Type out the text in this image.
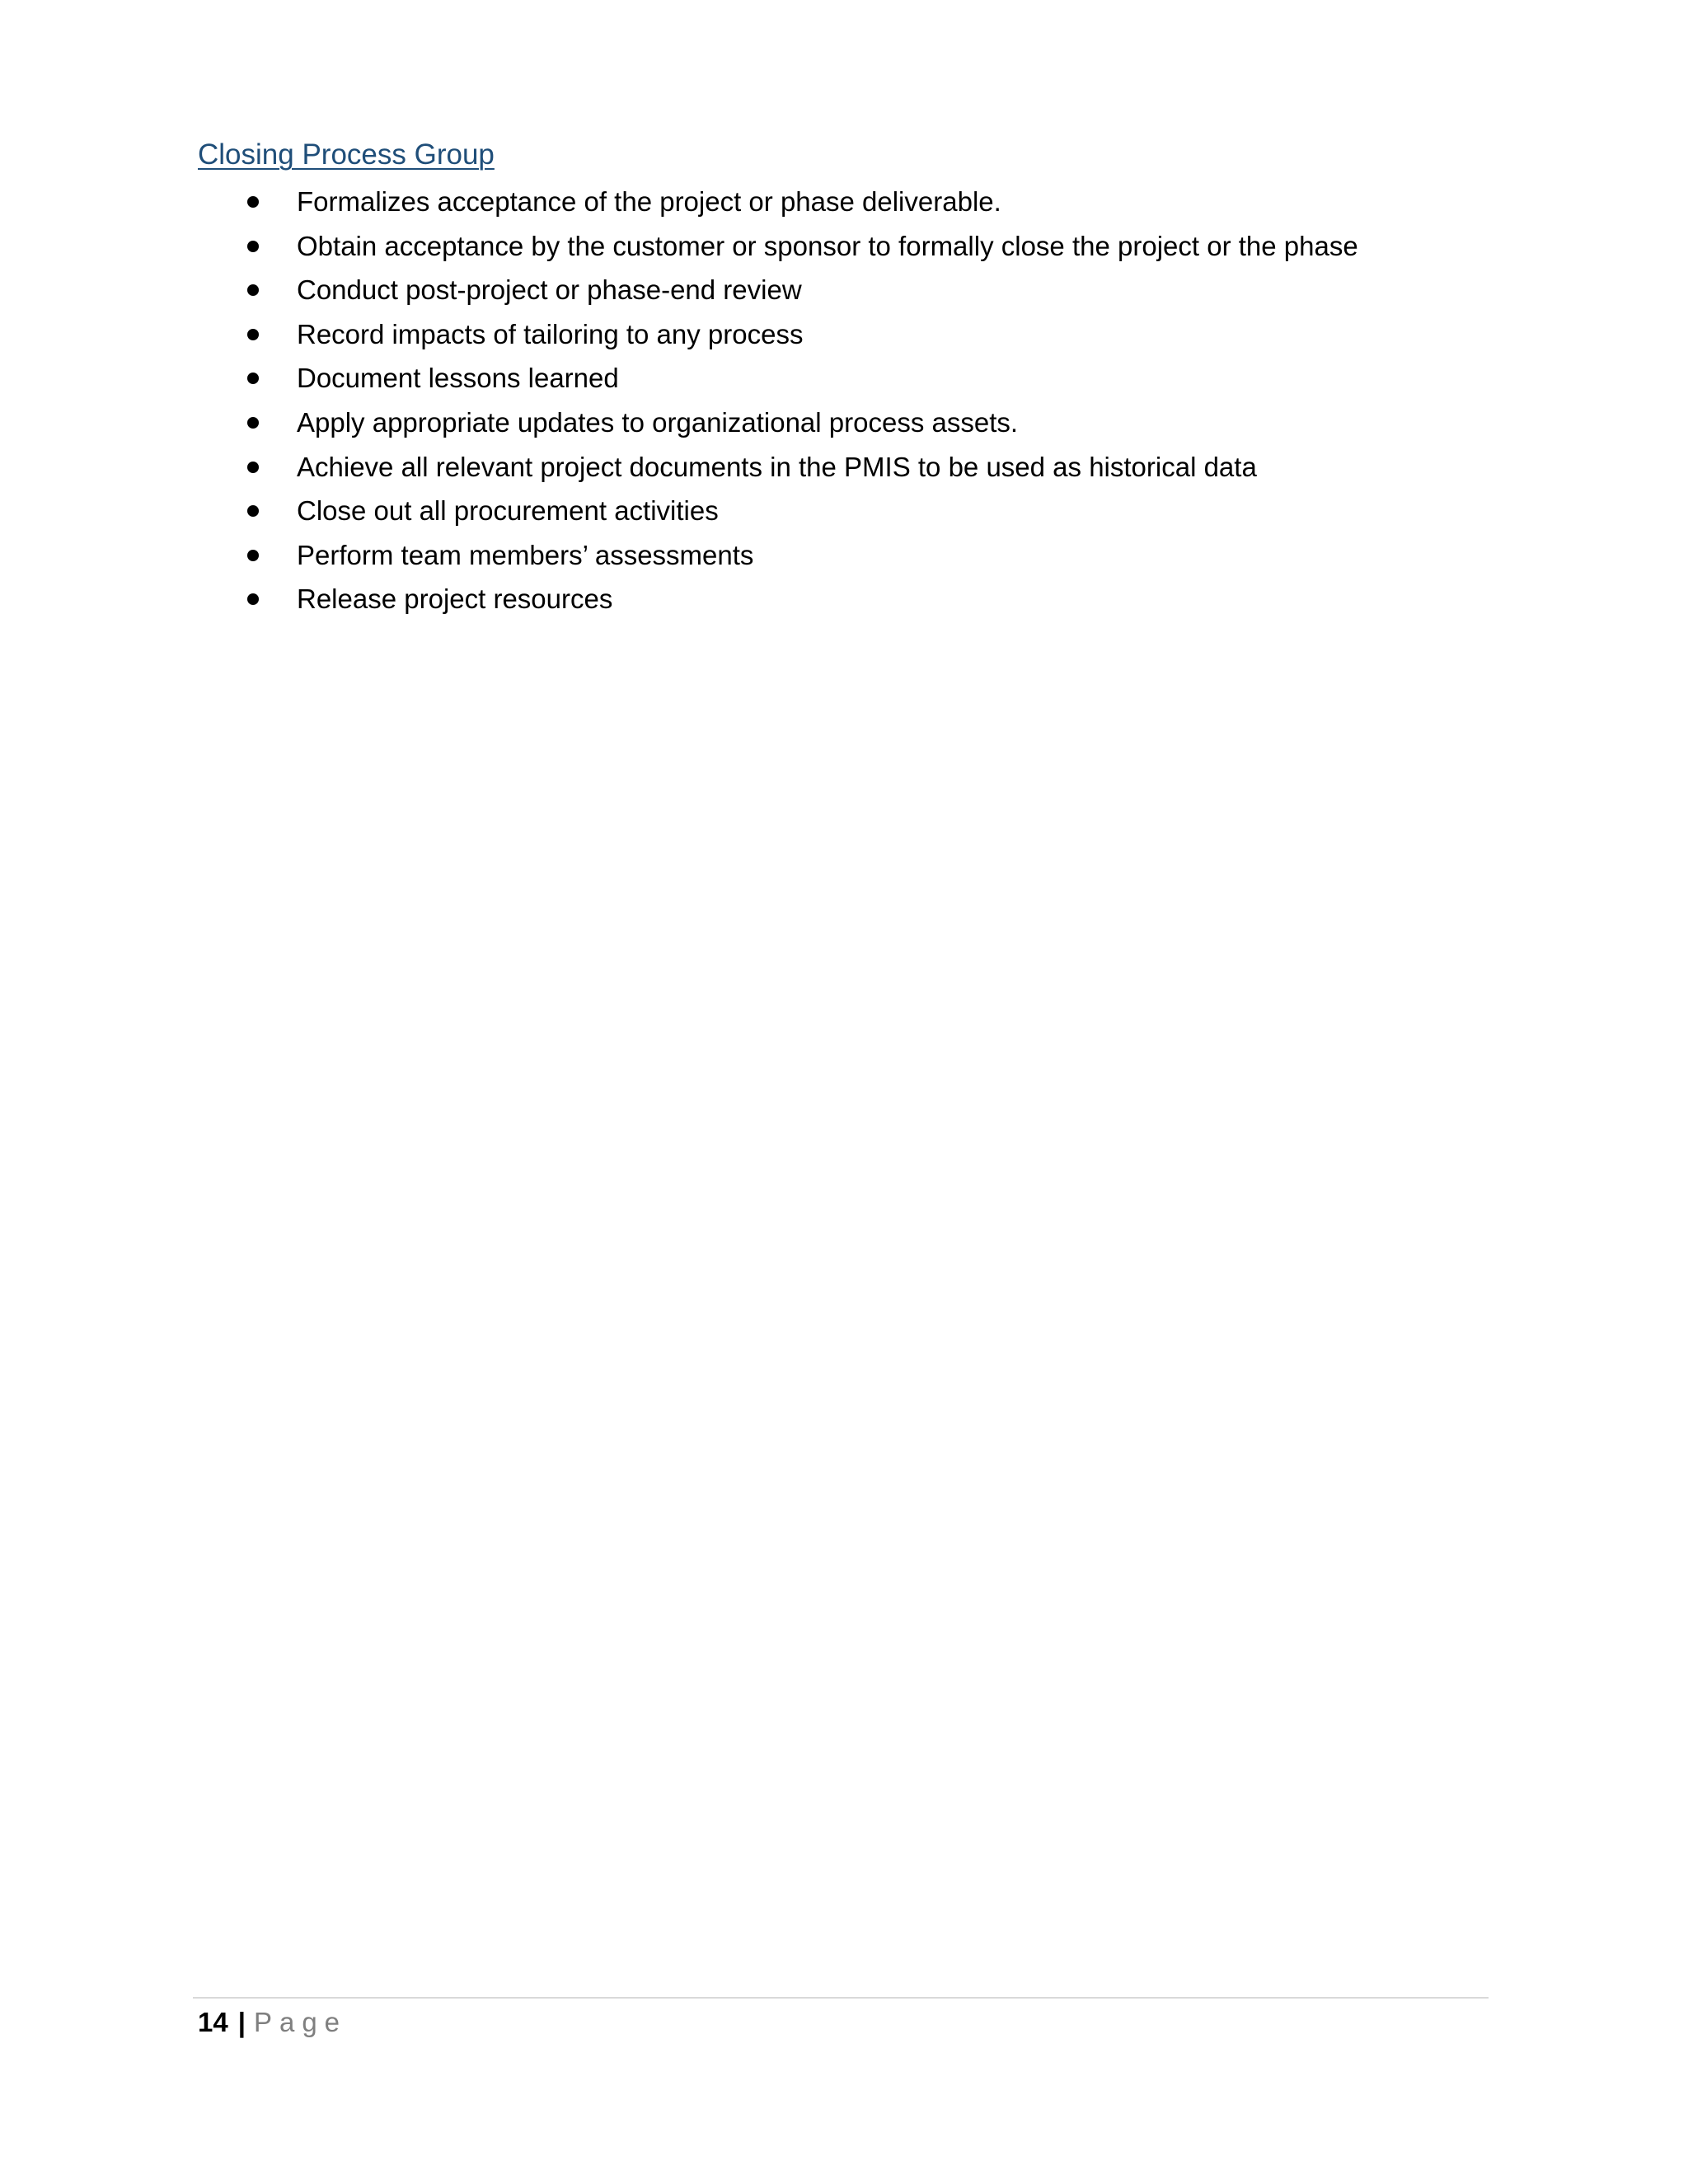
Closing Process Group
Formalizes acceptance of the project or phase deliverable.
Obtain acceptance by the customer or sponsor to formally close the project or the phase
Conduct post-project or phase-end review
Record impacts of tailoring to any process
Document lessons learned
Apply appropriate updates to organizational process assets.
Achieve all relevant project documents in the PMIS to be used as historical data
Close out all procurement activities
Perform team members’ assessments
Release project resources
14 | Page
